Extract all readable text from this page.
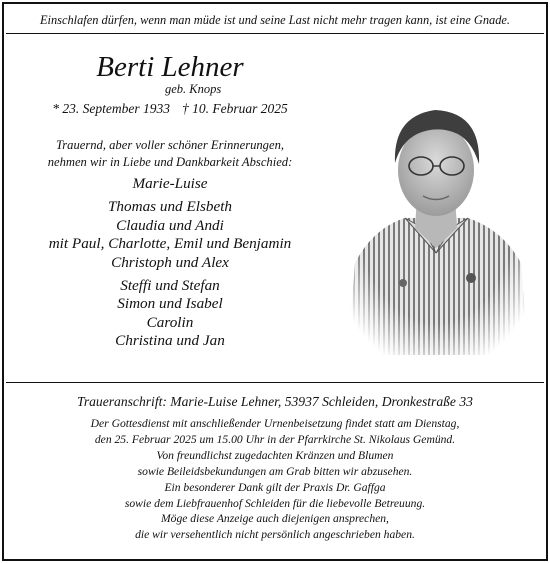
Einschlafen dürfen, wenn man müde ist und seine Last nicht mehr tragen kann, ist eine Gnade.
Berti Lehner
geb. Knops
* 23. September 1933 † 10. Februar 2025
Trauernd, aber voller schöner Erinnerungen,
nehmen wir in Liebe und Dankbarkeit Abschied:
Marie-Luise
Thomas und Elsbeth
Claudia und Andi
mit Paul, Charlotte, Emil und Benjamin
Christoph und Alex
Steffi und Stefan
Simon und Isabel
Carolin
Christina und Jan
Traueranschrift: Marie-Luise Lehner, 53937 Schleiden, Dronkestraße 33
Der Gottesdienst mit anschließender Urnenbeisetzung findet statt am Dienstag,
den 25. Februar 2025 um 15.00 Uhr in der Pfarrkirche St. Nikolaus Gemünd.
Von freundlichst zugedachten Kränzen und Blumen
sowie Beileidsbekundungen am Grab bitten wir abzusehen.
Ein besonderer Dank gilt der Praxis Dr. Gaffga
sowie dem Liebfrauenhof Schleiden für die liebevolle Betreuung.
Möge diese Anzeige auch diejenigen ansprechen,
die wir versehentlich nicht persönlich angeschrieben haben.
